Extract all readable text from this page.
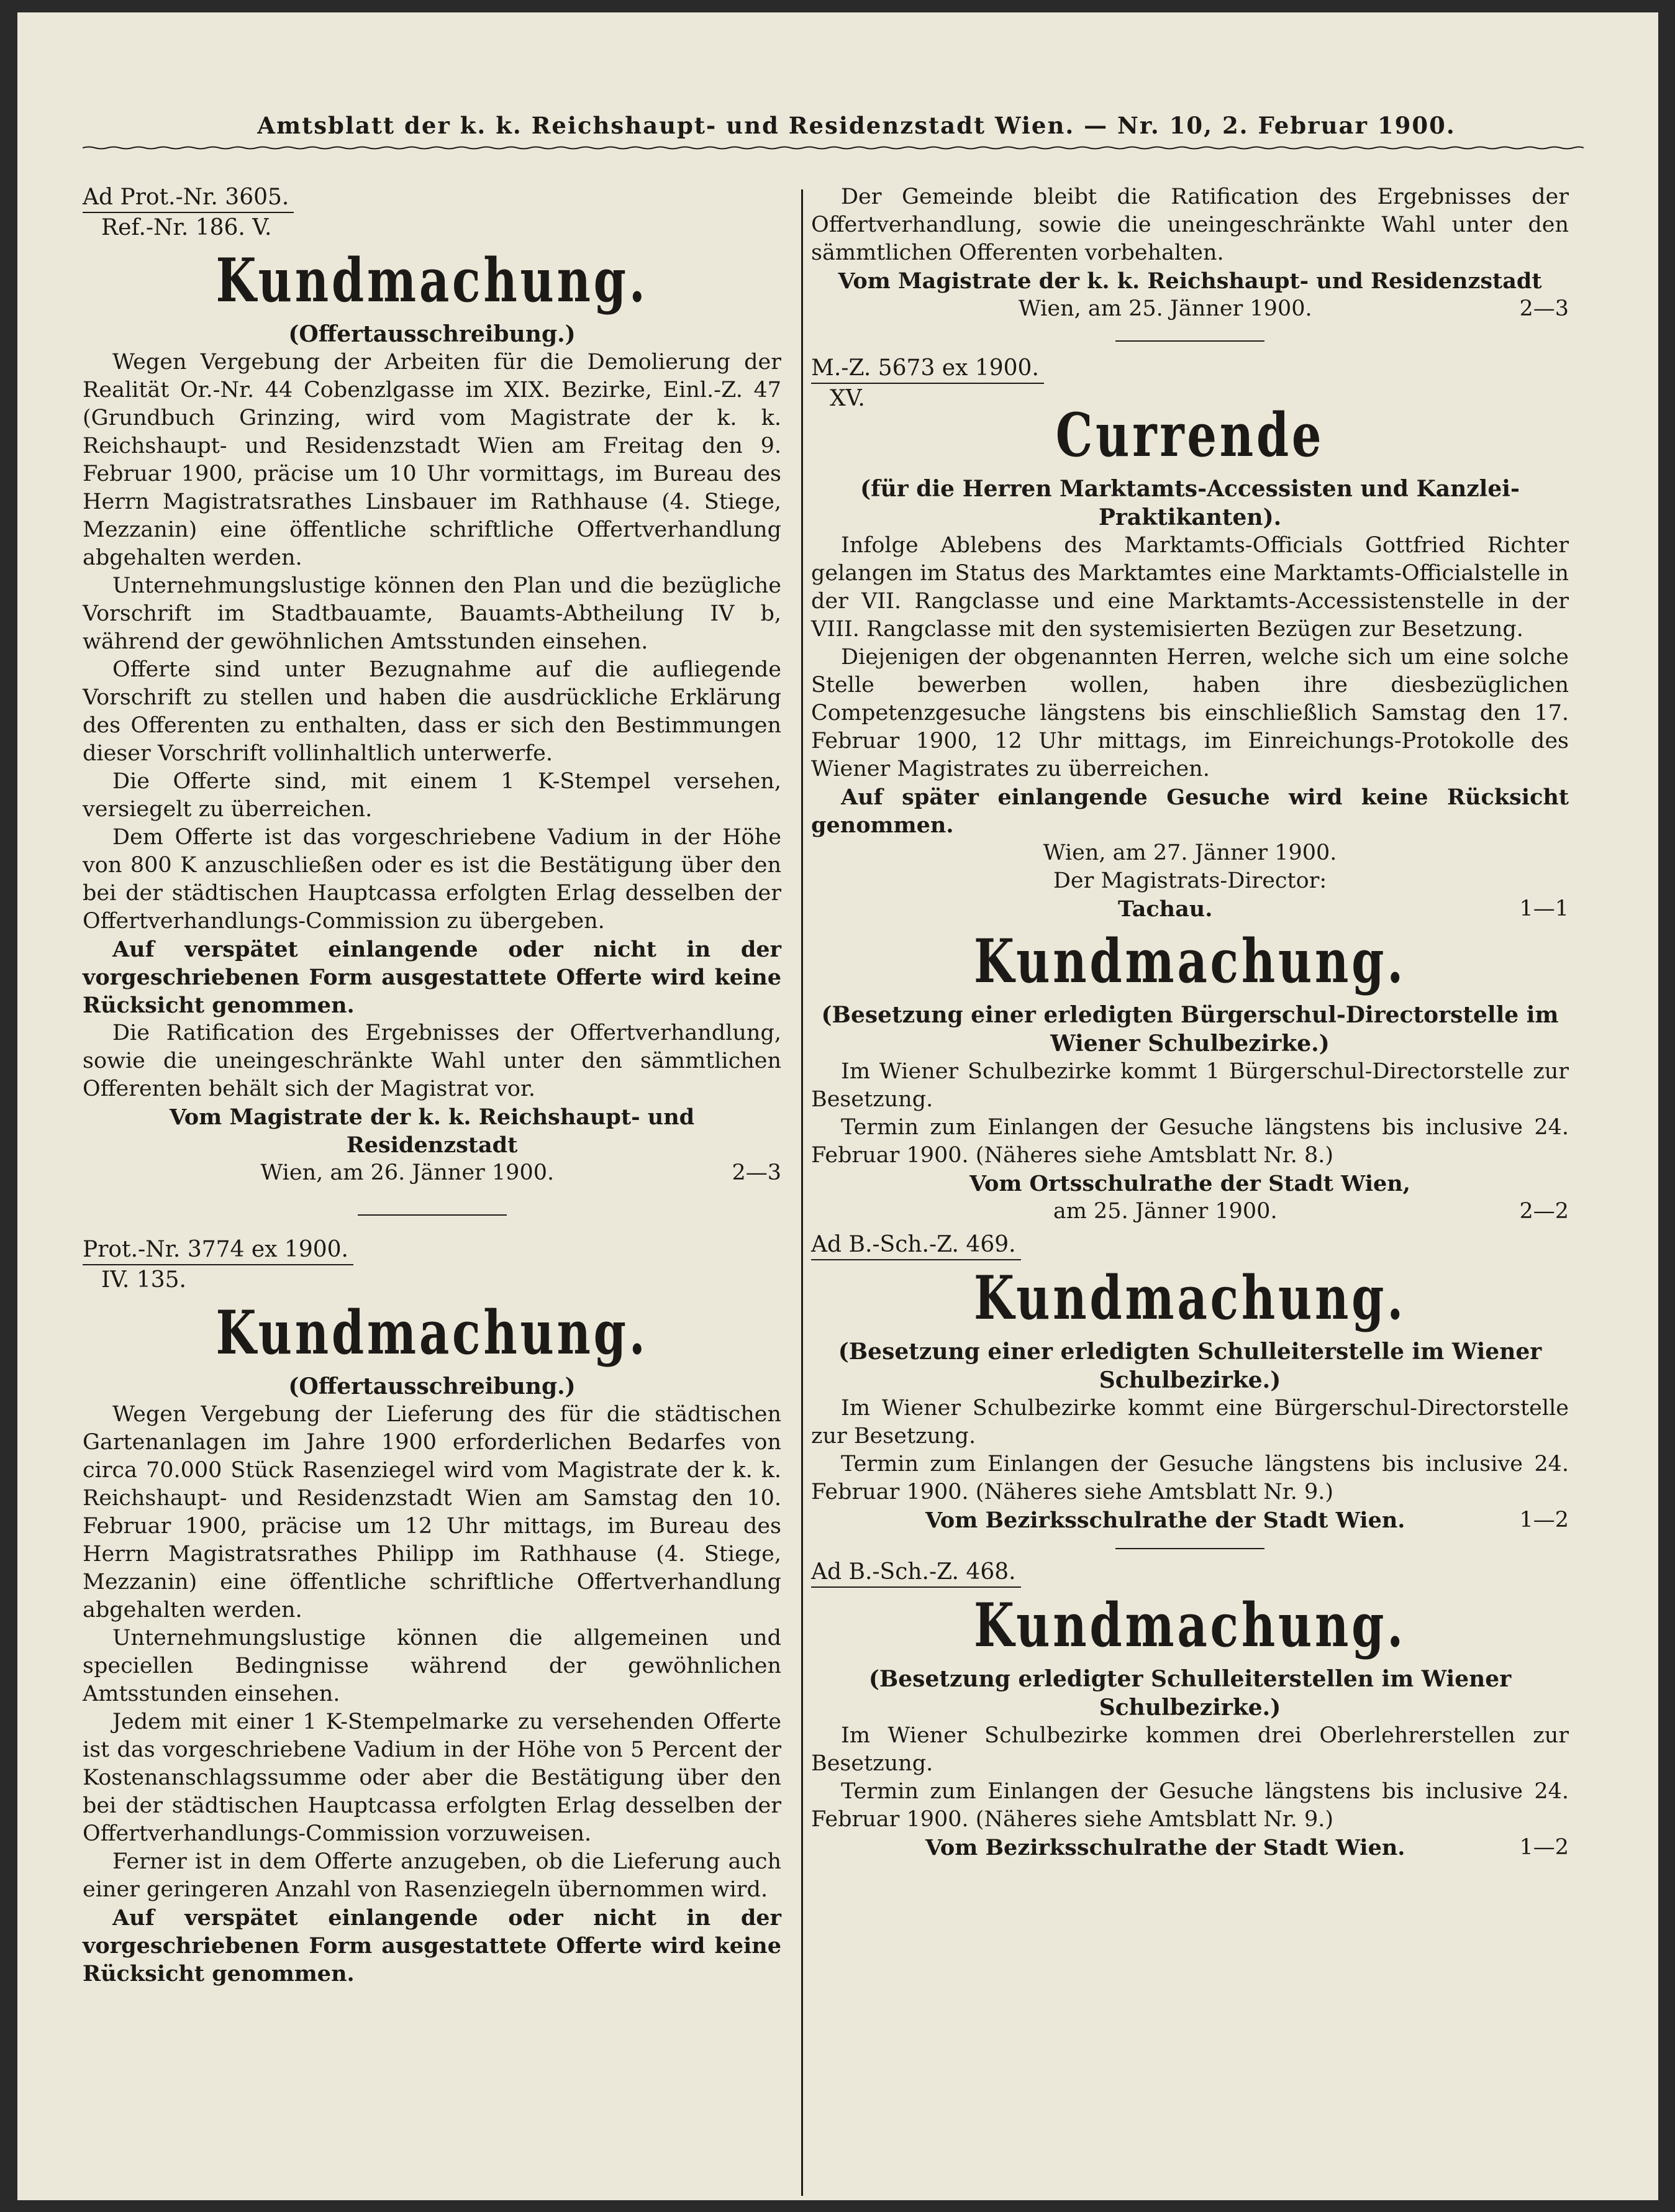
Amtsblatt der k. k. Reichshaupt- und Residenzstadt Wien. — Nr. 10, 2. Februar 1900.
Ad Prot.-Nr. 3605.
Ref.-Nr. 186. V.
Kundmachung.
(Offertausschreibung.)

Wegen Vergebung der Arbeiten für die Demolierung der Realität Or.-Nr. 44 Cobenzlgasse im XIX. Bezirke, Einl.-Z. 47 (Grundbuch Grinzing, wird vom Magistrate der k. k. Reichshaupt- und Residenzstadt Wien am Freitag den 9. Februar 1900, präcise um 10 Uhr vormittags, im Bureau des Herrn Magistratsrathes Linsbauer im Rathhause (4. Stiege, Mezzanin) eine öffentliche schriftliche Offertverhandlung abgehalten werden.

Unternehmungslustige können den Plan und die bezügliche Vorschrift im Stadtbauamte, Bauamts-Abtheilung IV b, während der gewöhnlichen Amtsstunden einsehen.

Offerte sind unter Bezugnahme auf die aufliegende Vorschrift zu stellen und haben die ausdrückliche Erklärung des Offerenten zu enthalten, dass er sich den Bestimmungen dieser Vorschrift vollinhaltlich unterwerfe.

Die Offerte sind, mit einem 1 K-Stempel versehen, versiegelt zu überreichen.

Dem Offerte ist das vorgeschriebene Vadium in der Höhe von 800 K anzuschließen oder es ist die Bestätigung über den bei der städtischen Hauptcassa erfolgten Erlag desselben der Offertverhandlungs-Commission zu übergeben.

Auf verspätet einlangende oder nicht in der vorgeschriebenen Form ausgestattete Offerte wird keine Rücksicht genommen.

Die Ratification des Ergebnisses der Offertverhandlung, sowie die uneingeschränkte Wahl unter den sämmtlichen Offerenten behält sich der Magistrat vor.

Vom Magistrate der k. k. Reichshaupt- und Residenzstadt
Wien, am 26. Jänner 1900.	2—3
Prot.-Nr. 3774 ex 1900.
IV. 135.
Kundmachung.
(Offertausschreibung.)

Wegen Vergebung der Lieferung des für die städtischen Gartenanlagen im Jahre 1900 erforderlichen Bedarfes von circa 70.000 Stück Rasenziegel wird vom Magistrate der k. k. Reichshaupt- und Residenzstadt Wien am Samstag den 10. Februar 1900, präcise um 12 Uhr mittags, im Bureau des Herrn Magistratsrathes Philipp im Rathhause (4. Stiege, Mezzanin) eine öffentliche schriftliche Offertverhandlung abgehalten werden.

Unternehmungslustige können die allgemeinen und speciellen Bedingnisse während der gewöhnlichen Amtsstunden einsehen.

Jedem mit einer 1 K-Stempelmarke zu versehenden Offerte ist das vorgeschriebene Vadium in der Höhe von 5 Percent der Kostenanschlagssumme oder aber die Bestätigung über den bei der städtischen Hauptcassa erfolgten Erlag desselben der Offertverhandlungs-Commission vorzuweisen.

Ferner ist in dem Offerte anzugeben, ob die Lieferung auch einer geringeren Anzahl von Rasenziegeln übernommen wird.

Auf verspätet einlangende oder nicht in der vorgeschriebenen Form ausgestattete Offerte wird keine Rücksicht genommen.

Der Gemeinde bleibt die Ratification des Ergebnisses der Offertverhandlung, sowie die uneingeschränkte Wahl unter den sämmtlichen Offerenten vorbehalten.

Vom Magistrate der k. k. Reichshaupt- und Residenzstadt
Wien, am 25. Jänner 1900.	2—3
M.-Z. 5673 ex 1900.
XV.
Currende
(für die Herren Marktamts-Accessisten und Kanzlei-Praktikanten).

Infolge Ablebens des Marktamts-Officials Gottfried Richter gelangen im Status des Marktamtes eine Marktamts-Officialstelle in der VII. Rangclasse und eine Marktamts-Accessistenstelle in der VIII. Rangclasse mit den systemisierten Bezügen zur Besetzung.

Diejenigen der obgenannten Herren, welche sich um eine solche Stelle bewerben wollen, haben ihre diesbezüglichen Competenzgesuche längstens bis einschließlich Samstag den 17. Februar 1900, 12 Uhr mittags, im Einreichungs-Protokolle des Wiener Magistrates zu überreichen.

Auf später einlangende Gesuche wird keine Rücksicht genommen.

Wien, am 27. Jänner 1900.
Der Magistrats-Director:
Tachau.	1—1
Kundmachung.
(Besetzung einer erledigten Bürgerschul-Directorstelle im Wiener Schulbezirke.)

Im Wiener Schulbezirke kommt 1 Bürgerschul-Directorstelle zur Besetzung.

Termin zum Einlangen der Gesuche längstens bis inclusive 24. Februar 1900. (Näheres siehe Amtsblatt Nr. 8.)

Vom Ortsschulrathe der Stadt Wien,
am 25. Jänner 1900.	2—2
Ad B.-Sch.-Z. 469.
Kundmachung.
(Besetzung einer erledigten Schulleiterstelle im Wiener Schulbezirke.)

Im Wiener Schulbezirke kommt eine Bürgerschul-Directorstelle zur Besetzung.

Termin zum Einlangen der Gesuche längstens bis inclusive 24. Februar 1900. (Näheres siehe Amtsblatt Nr. 9.)

Vom Bezirksschulrathe der Stadt Wien.	1—2
Ad B.-Sch.-Z. 468.
Kundmachung.
(Besetzung erledigter Schulleiterstellen im Wiener Schulbezirke.)

Im Wiener Schulbezirke kommen drei Oberlehrerstellen zur Besetzung.

Termin zum Einlangen der Gesuche längstens bis inclusive 24. Februar 1900. (Näheres siehe Amtsblatt Nr. 9.)

Vom Bezirksschulrathe der Stadt Wien.	1—2
